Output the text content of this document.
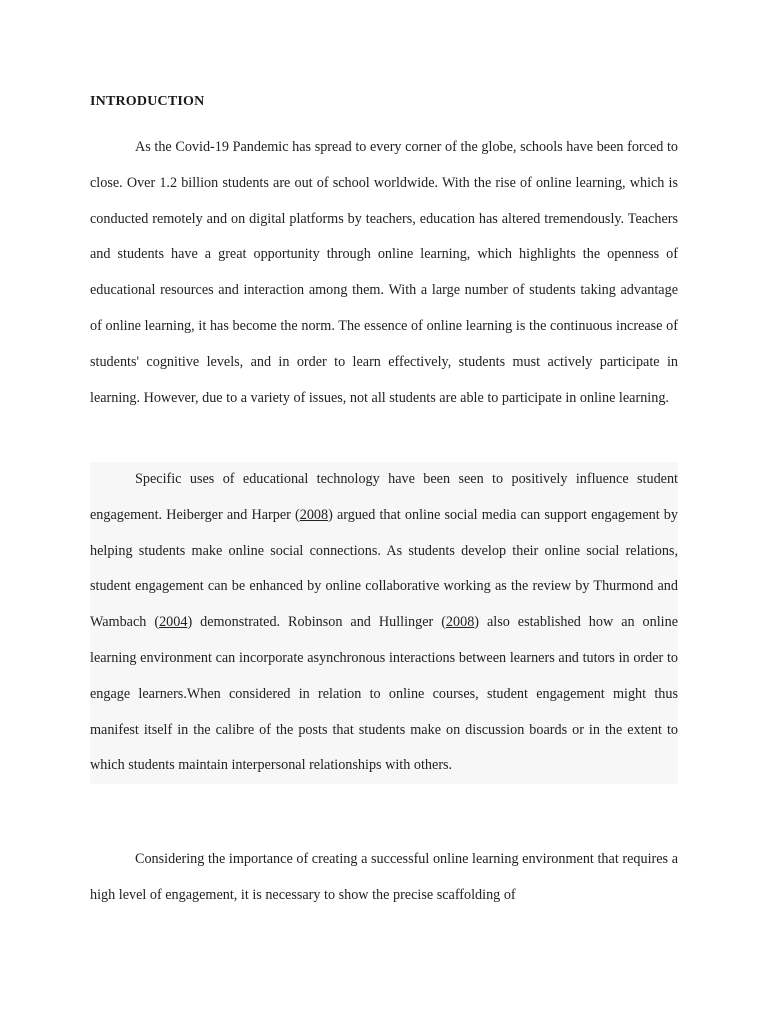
INTRODUCTION

As the Covid-19 Pandemic has spread to every corner of the globe, schools have been forced to close. Over 1.2 billion students are out of school worldwide. With the rise of online learning, which is conducted remotely and on digital platforms by teachers, education has altered tremendously. Teachers and students have a great opportunity through online learning, which highlights the openness of educational resources and interaction among them. With a large number of students taking advantage of online learning, it has become the norm. The essence of online learning is the continuous increase of students' cognitive levels, and in order to learn effectively, students must actively participate in learning. However, due to a variety of issues, not all students are able to participate in online learning.

Specific uses of educational technology have been seen to positively influence student engagement. Heiberger and Harper (2008) argued that online social media can support engagement by helping students make online social connections. As students develop their online social relations, student engagement can be enhanced by online collaborative working as the review by Thurmond and Wambach (2004) demonstrated. Robinson and Hullinger (2008) also established how an online learning environment can incorporate asynchronous interactions between learners and tutors in order to engage learners.When considered in relation to online courses, student engagement might thus manifest itself in the calibre of the posts that students make on discussion boards or in the extent to which students maintain interpersonal relationships with others.

Considering the importance of creating a successful online learning environment that requires a high level of engagement, it is necessary to show the precise scaffolding of
